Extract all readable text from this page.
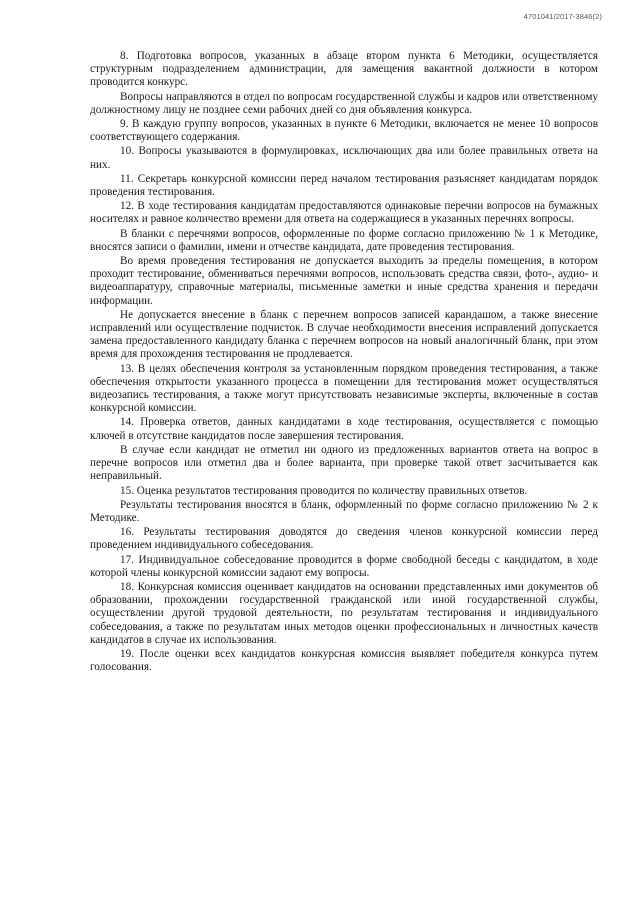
4701041/2017-3846(2)

8. Подготовка вопросов, указанных в абзаце втором пункта 6 Методики, осуществляется структурным подразделением администрации, для замещения вакантной должности в котором проводится конкурс.

Вопросы направляются в отдел по вопросам государственной службы и кадров или ответственному должностному лицу не позднее семи рабочих дней со дня объявления конкурса.

9. В каждую группу вопросов, указанных в пункте 6 Методики, включается не менее 10 вопросов соответствующего содержания.

10. Вопросы указываются в формулировках, исключающих два или более правильных ответа на них.

11. Секретарь конкурсной комиссии перед началом тестирования разъясняет кандидатам порядок проведения тестирования.

12. В ходе тестирования кандидатам предоставляются одинаковые перечни вопросов на бумажных носителях и равное количество времени для ответа на содержащиеся в указанных перечнях вопросы.

В бланки с перечнями вопросов, оформленные по форме согласно приложению № 1 к Методике, вносятся записи о фамилии, имени и отчестве кандидата, дате проведения тестирования.

Во время проведения тестирования не допускается выходить за пределы помещения, в котором проходит тестирование, обмениваться перечнями вопросов, использовать средства связи, фото-, аудио- и видеоаппаратуру, справочные материалы, письменные заметки и иные средства хранения и передачи информации.

Не допускается внесение в бланк с перечнем вопросов записей карандашом, а также внесение исправлений или осуществление подчисток. В случае необходимости внесения исправлений допускается замена предоставленного кандидату бланка с перечнем вопросов на новый аналогичный бланк, при этом время для прохождения тестирования не продлевается.

13. В целях обеспечения контроля за установленным порядком проведения тестирования, а также обеспечения открытости указанного процесса в помещении для тестирования может осуществляться видеозапись тестирования, а также могут присутствовать независимые эксперты, включенные в состав конкурсной комиссии.

14. Проверка ответов, данных кандидатами в ходе тестирования, осуществляется с помощью ключей в отсутствие кандидатов после завершения тестирования.

В случае если кандидат не отметил ни одного из предложенных вариантов ответа на вопрос в перечне вопросов или отметил два и более варианта, при проверке такой ответ засчитывается как неправильный.

15. Оценка результатов тестирования проводится по количеству правильных ответов.

Результаты тестирования вносятся в бланк, оформленный по форме согласно приложению № 2 к Методике.

16. Результаты тестирования доводятся до сведения членов конкурсной комиссии перед проведением индивидуального собеседования.

17. Индивидуальное собеседование проводится в форме свободной беседы с кандидатом, в ходе которой члены конкурсной комиссии задают ему вопросы.

18. Конкурсная комиссия оценивает кандидатов на основании представленных ими документов об образовании, прохождении государственной гражданской или иной государственной службы, осуществлении другой трудовой деятельности, по результатам тестирования и индивидуального собеседования, а также по результатам иных методов оценки профессиональных и личностных качеств кандидатов в случае их использования.

19. После оценки всех кандидатов конкурсная комиссия выявляет победителя конкурса путем голосования.
